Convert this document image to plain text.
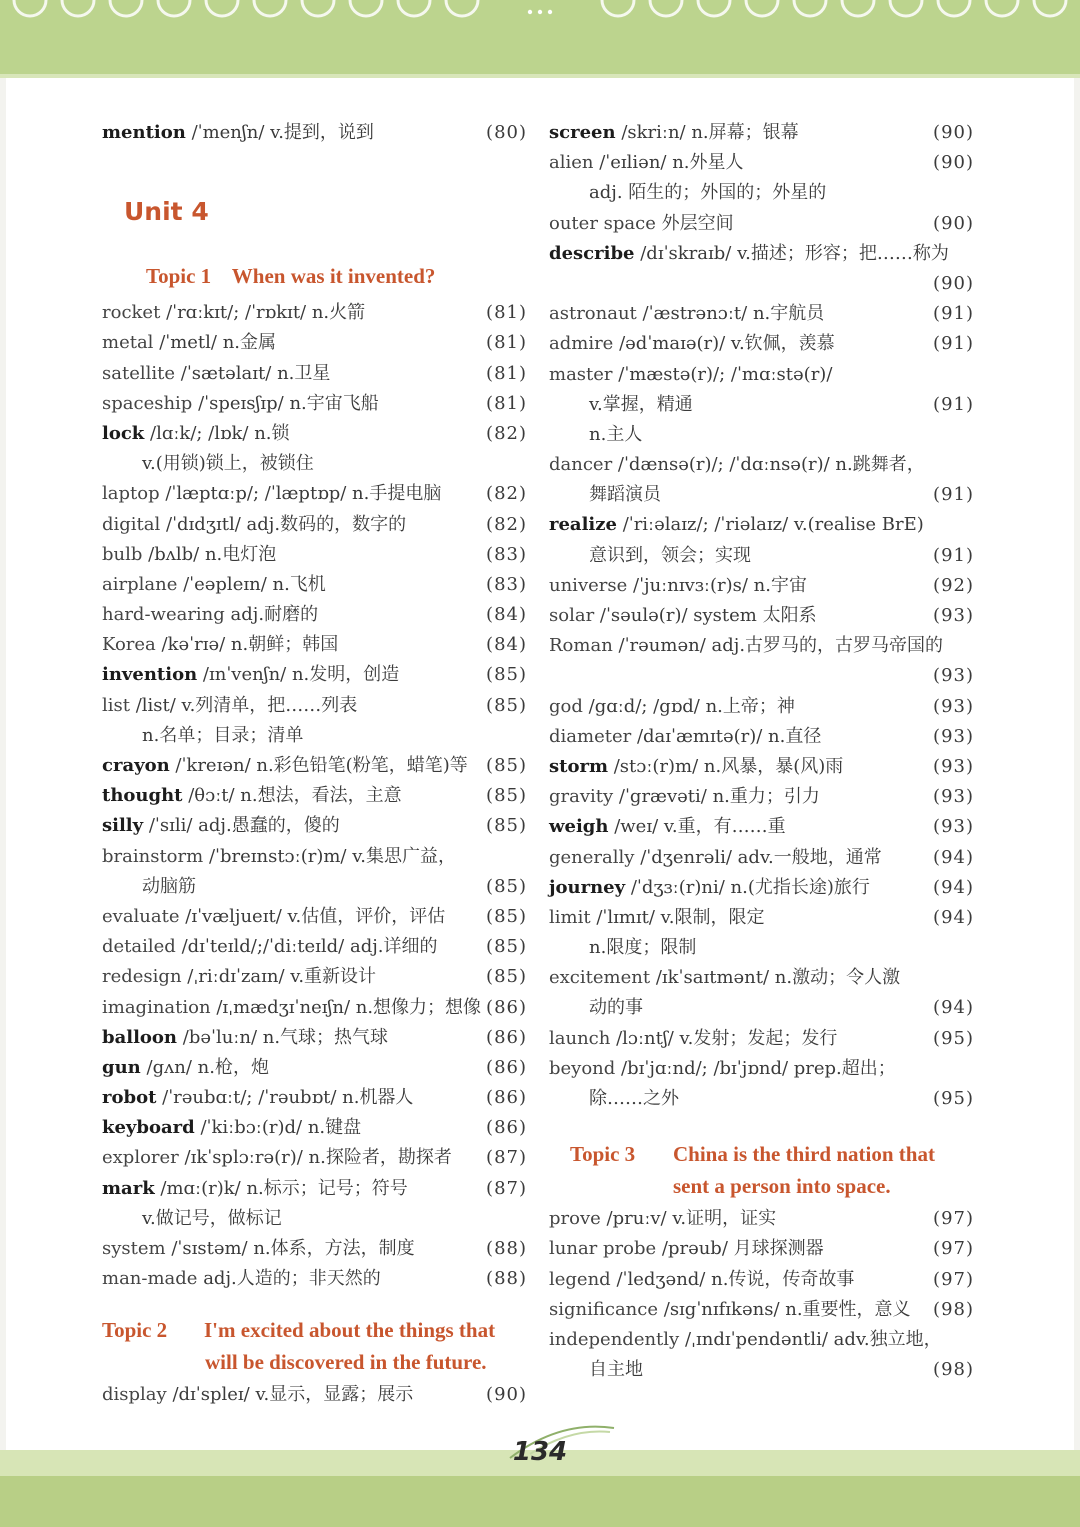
mention /ˈmenʃn/ v.提到，说到	(80)
Unit 4
Topic 1 When was it invented?
rocket /ˈrɑːkɪt/; /ˈrɒkɪt/ n.火箭	(81)
metal /ˈmetl/ n.金属	(81)
satellite /ˈsætəlaɪt/ n.卫星	(81)
spaceship /ˈspeɪsʃɪp/ n.宇宙飞船	(81)
lock /lɑːk/; /lɒk/ n.锁	(82)
v.(用锁)锁上，被锁住
laptop /ˈlæptɑːp/; /ˈlæptɒp/ n.手提电脑 (82)
digital /ˈdɪdʒɪtl/ adj.数码的，数字的	(82)
bulb /bʌlb/ n.电灯泡	(83)
airplane /ˈeəpleɪn/ n.飞机	(83)
hard-wearing adj.耐磨的	(84)
Korea /kəˈrɪə/ n.朝鲜；韩国	(84)
invention /ɪnˈvenʃn/ n.发明，创造	(85)
list /list/ v.列清单，把……列表	(85)
n.名单；目录；清单
crayon /ˈkreɪən/ n.彩色铅笔(粉笔，蜡笔)等 (85)
thought /θɔːt/ n.想法，看法，主意	(85)
silly /ˈsɪli/ adj.愚蠢的，傻的	(85)
brainstorm /ˈbreɪnstɔː(r)m/ v.集思广益，
动脑筋	(85)
evaluate /ɪˈvæljueɪt/ v.估值，评价，评估 (85)
detailed /dɪˈteɪld/;/ˈdiːteɪld/ adj.详细的	(85)
redesign /ˌriːdɪˈzaɪn/ v.重新设计	(85)
imagination /ɪˌmædʒɪˈneɪʃn/ n.想像力；想像 (86)
balloon /bəˈluːn/ n.气球；热气球	(86)
gun /gʌn/ n.枪，炮	(86)
robot /ˈrəubɑːt/; /ˈrəubɒt/ n.机器人	(86)
keyboard /ˈkiːbɔː(r)d/ n.键盘	(86)
explorer /ɪkˈsplɔːrə(r)/ n.探险者，勘探者 (87)
mark /mɑː(r)k/ n.标示；记号；符号	(87)
v.做记号，做标记
system /ˈsɪstəm/ n.体系，方法，制度	(88)
man-made adj.人造的；非天然的	(88)
Topic 2 I'm excited about the things that
will be discovered in the future.
display /dɪˈspleɪ/ v.显示，显露；展示	(90)
screen /skriːn/ n.屏幕；银幕	(90)
alien /ˈeɪliən/ n.外星人	(90)
adj. 陌生的；外国的；外星的
outer space 外层空间	(90)
describe /dɪˈskraɪb/ v.描述；形容；把……称为
(90)
astronaut /ˈæstrənɔːt/ n.宇航员	(91)
admire /ədˈmaɪə(r)/ v.钦佩，羡慕	(91)
master /ˈmæstə(r)/; /ˈmɑːstə(r)/
v.掌握，精通	(91)
n.主人
dancer /ˈdænsə(r)/; /ˈdɑːnsə(r)/ n.跳舞者，
舞蹈演员	(91)
realize /ˈriːəlaɪz/; /ˈriəlaɪz/ v.(realise BrE)
意识到，领会；实现	(91)
universe /ˈjuːnɪvɜː(r)s/ n.宇宙	(92)
solar /ˈsəulə(r)/ system 太阳系	(93)
Roman /ˈrəumən/ adj.古罗马的，古罗马帝国的
(93)
god /gɑːd/; /gɒd/ n.上帝；神	(93)
diameter /daɪˈæmɪtə(r)/ n.直径	(93)
storm /stɔː(r)m/ n.风暴，暴(风)雨	(93)
gravity /ˈgrævəti/ n.重力；引力	(93)
weigh /weɪ/ v.重，有……重	(93)
generally /ˈdʒenrəli/ adv.一般地，通常	(94)
journey /ˈdʒɜː(r)ni/ n.(尤指长途)旅行	(94)
limit /ˈlɪmɪt/ v.限制，限定	(94)
n.限度；限制
excitement /ɪkˈsaɪtmənt/ n.激动；令人激
动的事	(94)
launch /lɔːntʃ/ v.发射；发起；发行	(95)
beyond /bɪˈjɑːnd/; /bɪˈjɒnd/ prep.超出；
除……之外	(95)
Topic 3 China is the third nation that
sent a person into space.
prove /pruːv/ v.证明，证实	(97)
lunar probe /prəub/ 月球探测器	(97)
legend /ˈledʒənd/ n.传说，传奇故事	(97)
significance /sɪgˈnɪfɪkəns/ n.重要性，意义 (98)
independently /ˌɪndɪˈpendəntli/ adv.独立地，
自主地	(98)
134
